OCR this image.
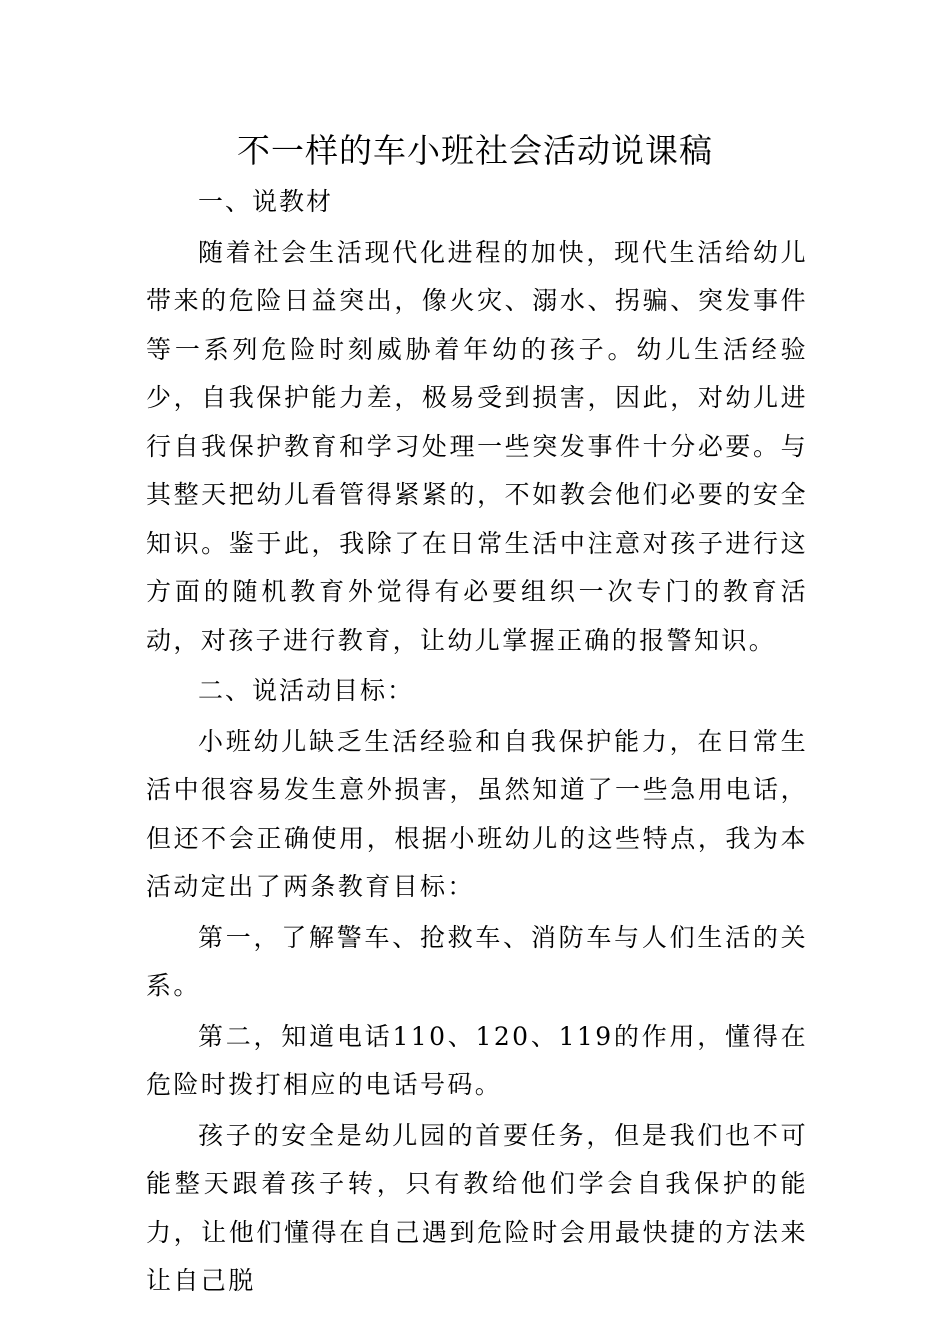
不一样的车小班社会活动说课稿

一、说教材

随着社会生活现代化进程的加快，现代生活给幼儿带来的危险日益突出，像火灾、溺水、拐骗、突发事件等一系列危险时刻威胁着年幼的孩子。幼儿生活经验少，自我保护能力差，极易受到损害，因此，对幼儿进行自我保护教育和学习处理一些突发事件十分必要。与其整天把幼儿看管得紧紧的，不如教会他们必要的安全知识。鉴于此，我除了在日常生活中注意对孩子进行这方面的随机教育外觉得有必要组织一次专门的教育活动，对孩子进行教育，让幼儿掌握正确的报警知识。

二、说活动目标：

小班幼儿缺乏生活经验和自我保护能力，在日常生活中很容易发生意外损害，虽然知道了一些急用电话，但还不会正确使用，根据小班幼儿的这些特点，我为本活动定出了两条教育目标：

第一，了解警车、抢救车、消防车与人们生活的关系。

第二，知道电话110、120、119的作用，懂得在危险时拨打相应的电话号码。

孩子的安全是幼儿园的首要任务，但是我们也不可能整天跟着孩子转，只有教给他们学会自我保护的能力，让他们懂得在自己遇到危险时会用最快捷的方法来让自己脱
